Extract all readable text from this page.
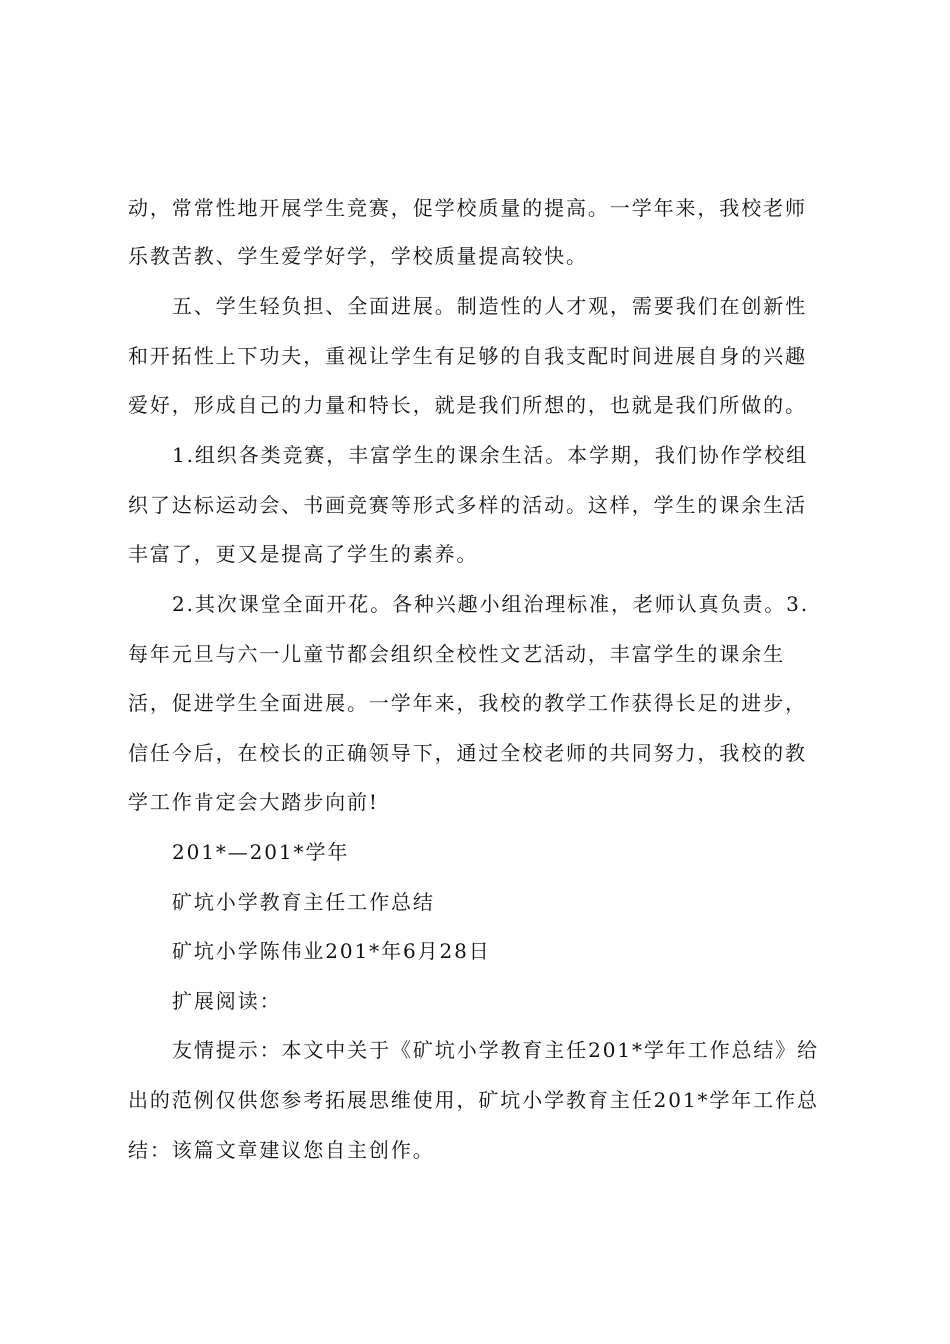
动，常常性地开展学生竞赛，促学校质量的提高。一学年来，我校老师
乐教苦教、学生爱学好学，学校质量提高较快。
五、学生轻负担、全面进展。制造性的人才观，需要我们在创新性
和开拓性上下功夫，重视让学生有足够的自我支配时间进展自身的兴趣
爱好，形成自己的力量和特长，就是我们所想的，也就是我们所做的。
1.组织各类竞赛，丰富学生的课余生活。本学期，我们协作学校组
织了达标运动会、书画竞赛等形式多样的活动。这样，学生的课余生活
丰富了，更又是提高了学生的素养。
2.其次课堂全面开花。各种兴趣小组治理标准，老师认真负责。3.
每年元旦与六一儿童节都会组织全校性文艺活动，丰富学生的课余生
活，促进学生全面进展。一学年来，我校的教学工作获得长足的进步，
信任今后，在校长的正确领导下，通过全校老师的共同努力，我校的教
学工作肯定会大踏步向前!
201*—201*学年
矿坑小学教育主任工作总结
矿坑小学陈伟业201*年6月28日
扩展阅读：
友情提示：本文中关于《矿坑小学教育主任201*学年工作总结》给
出的范例仅供您参考拓展思维使用，矿坑小学教育主任201*学年工作总
结：该篇文章建议您自主创作。
